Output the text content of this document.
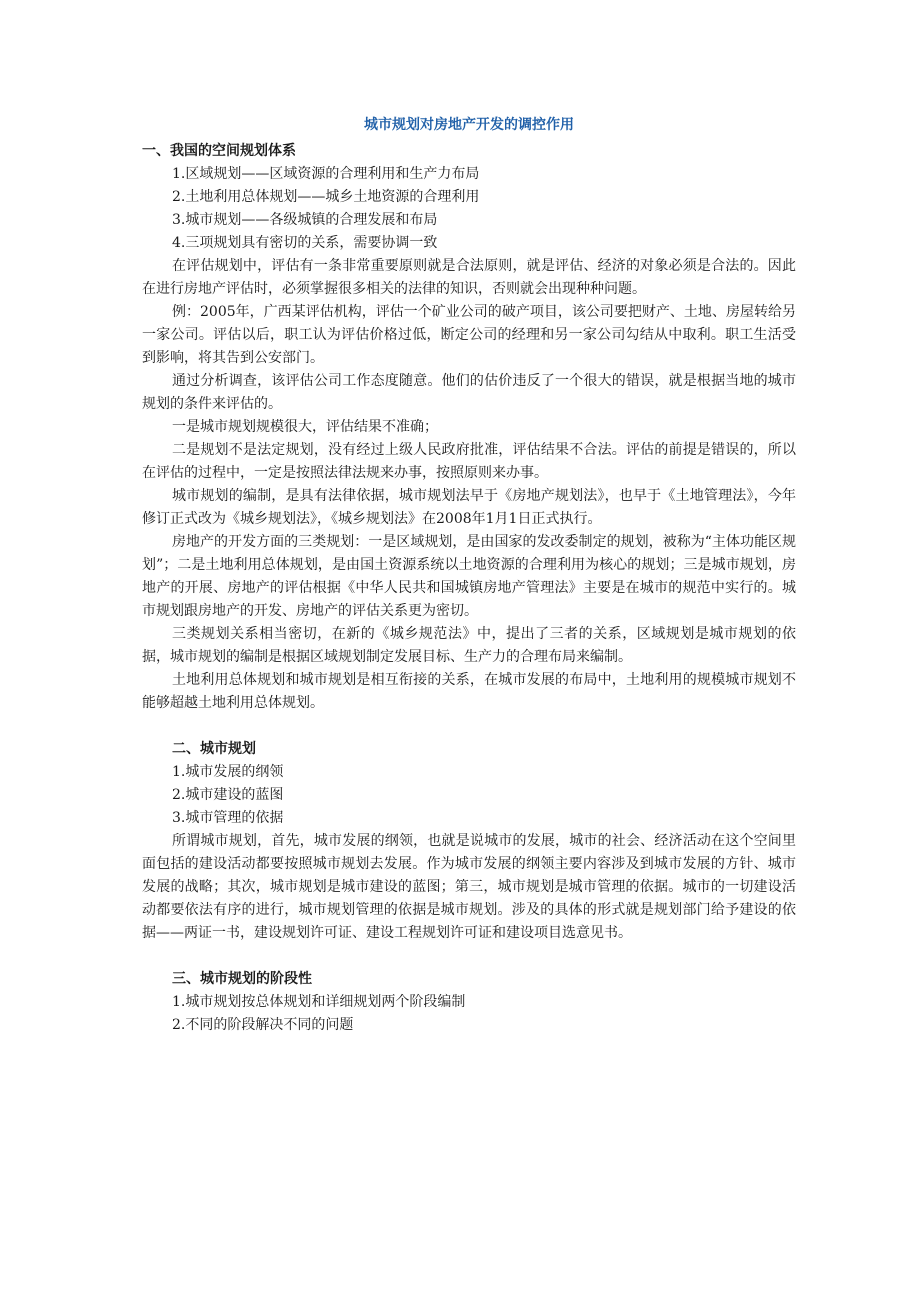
城市规划对房地产开发的调控作用
一、我国的空间规划体系

1.区域规划——区域资源的合理利用和生产力布局

2.土地利用总体规划——城乡土地资源的合理利用

3.城市规划——各级城镇的合理发展和布局

4.三项规划具有密切的关系，需要协调一致

在评估规划中，评估有一条非常重要原则就是合法原则，就是评估、经济的对象必须是合法的。因此在进行房地产评估时，必须掌握很多相关的法律的知识，否则就会出现种种问题。

例：2005年，广西某评估机构，评估一个矿业公司的破产项目，该公司要把财产、土地、房屋转给另一家公司。评估以后，职工认为评估价格过低，断定公司的经理和另一家公司勾结从中取利。职工生活受到影响，将其告到公安部门。

通过分析调查，该评估公司工作态度随意。他们的估价违反了一个很大的错误，就是根据当地的城市规划的条件来评估的。

一是城市规划规模很大，评估结果不准确；

二是规划不是法定规划，没有经过上级人民政府批准，评估结果不合法。评估的前提是错误的，所以在评估的过程中，一定是按照法律法规来办事，按照原则来办事。

城市规划的编制，是具有法律依据，城市规划法早于《房地产规划法》，也早于《土地管理法》，今年修订正式改为《城乡规划法》，《城乡规划法》在2008年1月1日正式执行。

房地产的开发方面的三类规划：一是区域规划，是由国家的发改委制定的规划，被称为“主体功能区规划”；二是土地利用总体规划，是由国土资源系统以土地资源的合理利用为核心的规划；三是城市规划，房地产的开展、房地产的评估根据《中华人民共和国城镇房地产管理法》主要是在城市的规范中实行的。城市规划跟房地产的开发、房地产的评估关系更为密切。

三类规划关系相当密切，在新的《城乡规范法》中，提出了三者的关系，区域规划是城市规划的依据，城市规划的编制是根据区域规划制定发展目标、生产力的合理布局来编制。

土地利用总体规划和城市规划是相互衔接的关系，在城市发展的布局中，土地利用的规模城市规划不能够超越土地利用总体规划。

二、城市规划

1.城市发展的纲领

2.城市建设的蓝图

3.城市管理的依据

所谓城市规划，首先，城市发展的纲领，也就是说城市的发展，城市的社会、经济活动在这个空间里面包括的建设活动都要按照城市规划去发展。作为城市发展的纲领主要内容涉及到城市发展的方针、城市发展的战略；其次，城市规划是城市建设的蓝图；第三，城市规划是城市管理的依据。城市的一切建设活动都要依法有序的进行，城市规划管理的依据是城市规划。涉及的具体的形式就是规划部门给予建设的依据——两证一书，建设规划许可证、建设工程规划许可证和建设项目选意见书。

三、城市规划的阶段性

1.城市规划按总体规划和详细规划两个阶段编制

2.不同的阶段解决不同的问题
